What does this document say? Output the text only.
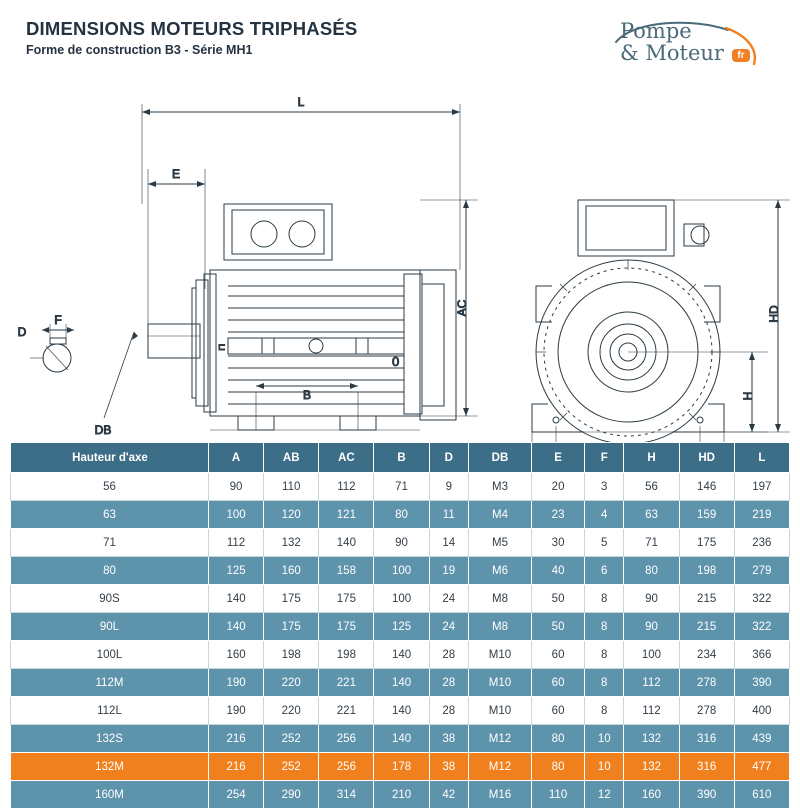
DIMENSIONS MOTEURS TRIPHASÉS
Forme de construction B3 - Série MH1
Pompe
& Moteur fr
L
E
⊏
0
B
AC
F
D
DB
H
HD
Hauteur d'axe	A	AB	AC	B	D	DB	E	F	H	HD	L
56	90	110	112	71	9	M3	20	3	56	146	197
63	100	120	121	80	11	M4	23	4	63	159	219
71	112	132	140	90	14	M5	30	5	71	175	236
80	125	160	158	100	19	M6	40	6	80	198	279
90S	140	175	175	100	24	M8	50	8	90	215	322
90L	140	175	175	125	24	M8	50	8	90	215	322
100L	160	198	198	140	28	M10	60	8	100	234	366
112M	190	220	221	140	28	M10	60	8	112	278	390
112L	190	220	221	140	28	M10	60	8	112	278	400
132S	216	252	256	140	38	M12	80	10	132	316	439
132M	216	252	256	178	38	M12	80	10	132	316	477
160M	254	290	314	210	42	M16	110	12	160	390	610
